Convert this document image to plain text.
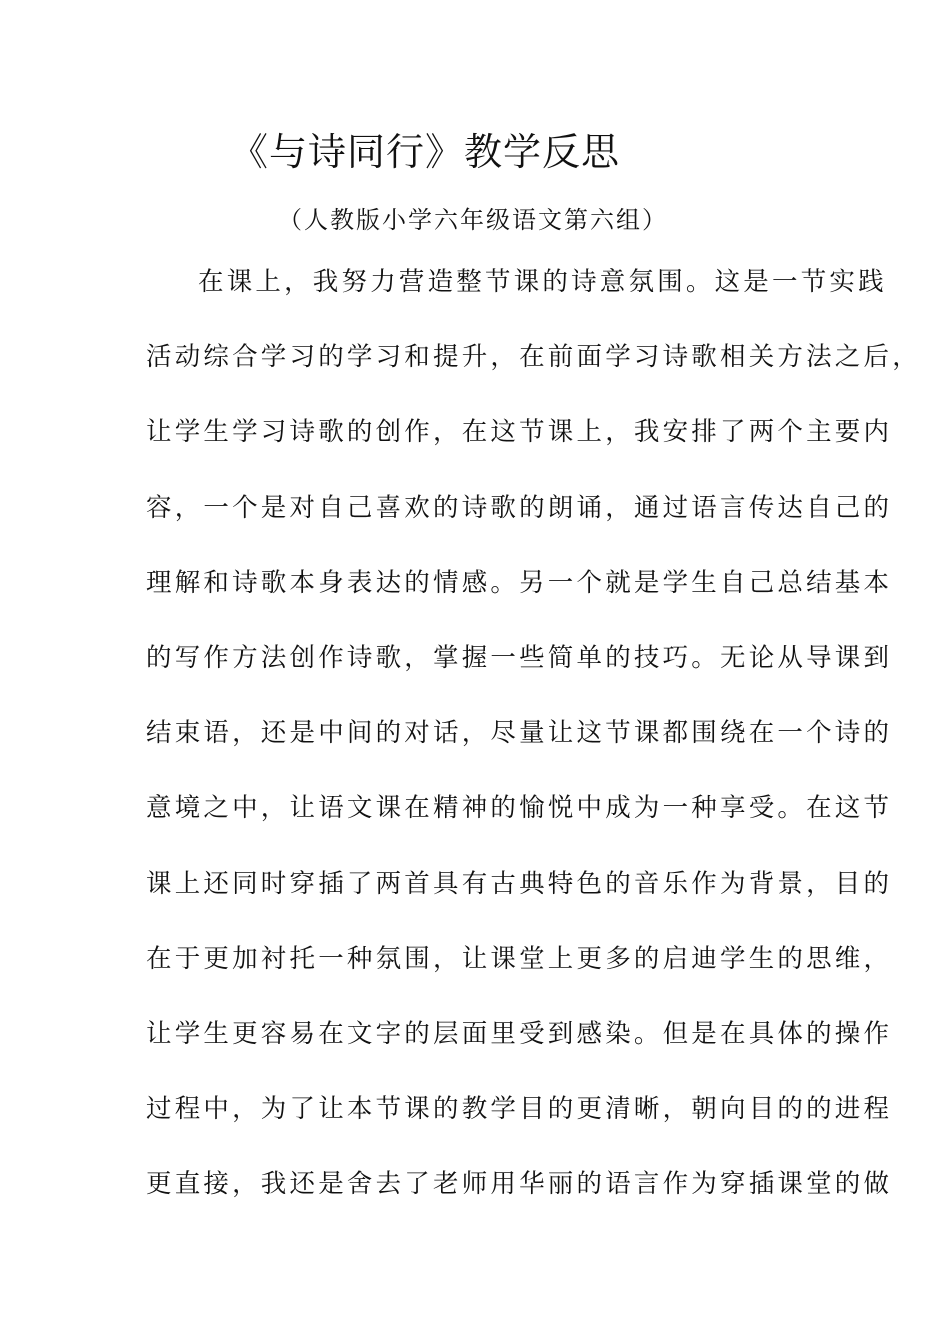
《与诗同行》教学反思
（人教版小学六年级语文第六组）
在课上，我努力营造整节课的诗意氛围。这是一节实践
活动综合学习的学习和提升，在前面学习诗歌相关方法之后，
让学生学习诗歌的创作，在这节课上，我安排了两个主要内
容，一个是对自己喜欢的诗歌的朗诵，通过语言传达自己的
理解和诗歌本身表达的情感。另一个就是学生自己总结基本
的写作方法创作诗歌，掌握一些简单的技巧。无论从导课到
结束语，还是中间的对话，尽量让这节课都围绕在一个诗的
意境之中，让语文课在精神的愉悦中成为一种享受。在这节
课上还同时穿插了两首具有古典特色的音乐作为背景，目的
在于更加衬托一种氛围，让课堂上更多的启迪学生的思维，
让学生更容易在文字的层面里受到感染。但是在具体的操作
过程中，为了让本节课的教学目的更清晰，朝向目的的进程
更直接，我还是舍去了老师用华丽的语言作为穿插课堂的做
